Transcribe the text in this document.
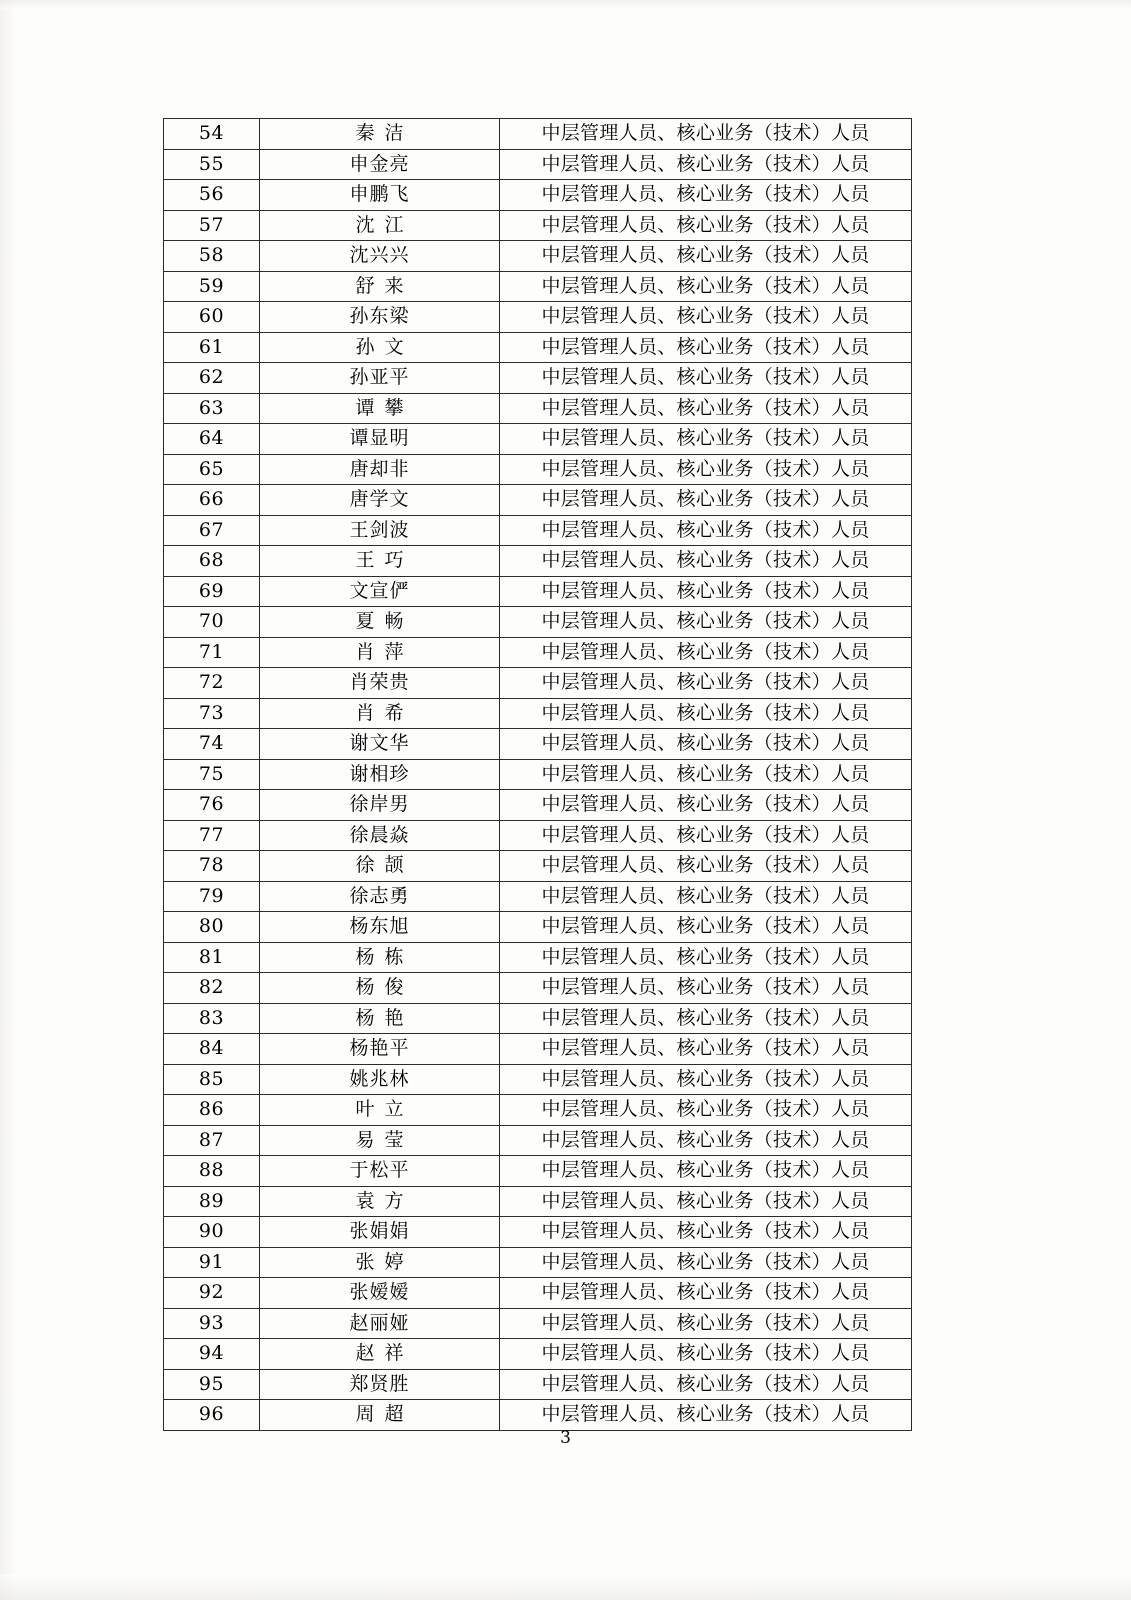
54	秦洁	中层管理人员、核心业务（技术）人员
55	申金亮	中层管理人员、核心业务（技术）人员
56	申鹏飞	中层管理人员、核心业务（技术）人员
57	沈江	中层管理人员、核心业务（技术）人员
58	沈兴兴	中层管理人员、核心业务（技术）人员
59	舒来	中层管理人员、核心业务（技术）人员
60	孙东梁	中层管理人员、核心业务（技术）人员
61	孙文	中层管理人员、核心业务（技术）人员
62	孙亚平	中层管理人员、核心业务（技术）人员
63	谭攀	中层管理人员、核心业务（技术）人员
64	谭显明	中层管理人员、核心业务（技术）人员
65	唐却非	中层管理人员、核心业务（技术）人员
66	唐学文	中层管理人员、核心业务（技术）人员
67	王剑波	中层管理人员、核心业务（技术）人员
68	王巧	中层管理人员、核心业务（技术）人员
69	文宣俨	中层管理人员、核心业务（技术）人员
70	夏畅	中层管理人员、核心业务（技术）人员
71	肖萍	中层管理人员、核心业务（技术）人员
72	肖荣贵	中层管理人员、核心业务（技术）人员
73	肖希	中层管理人员、核心业务（技术）人员
74	谢文华	中层管理人员、核心业务（技术）人员
75	谢相珍	中层管理人员、核心业务（技术）人员
76	徐岸男	中层管理人员、核心业务（技术）人员
77	徐晨焱	中层管理人员、核心业务（技术）人员
78	徐颉	中层管理人员、核心业务（技术）人员
79	徐志勇	中层管理人员、核心业务（技术）人员
80	杨东旭	中层管理人员、核心业务（技术）人员
81	杨栋	中层管理人员、核心业务（技术）人员
82	杨俊	中层管理人员、核心业务（技术）人员
83	杨艳	中层管理人员、核心业务（技术）人员
84	杨艳平	中层管理人员、核心业务（技术）人员
85	姚兆林	中层管理人员、核心业务（技术）人员
86	叶立	中层管理人员、核心业务（技术）人员
87	易莹	中层管理人员、核心业务（技术）人员
88	于松平	中层管理人员、核心业务（技术）人员
89	袁方	中层管理人员、核心业务（技术）人员
90	张娟娟	中层管理人员、核心业务（技术）人员
91	张婷	中层管理人员、核心业务（技术）人员
92	张嫒嫒	中层管理人员、核心业务（技术）人员
93	赵丽娅	中层管理人员、核心业务（技术）人员
94	赵祥	中层管理人员、核心业务（技术）人员
95	郑贤胜	中层管理人员、核心业务（技术）人员
96	周超	中层管理人员、核心业务（技术）人员
3
